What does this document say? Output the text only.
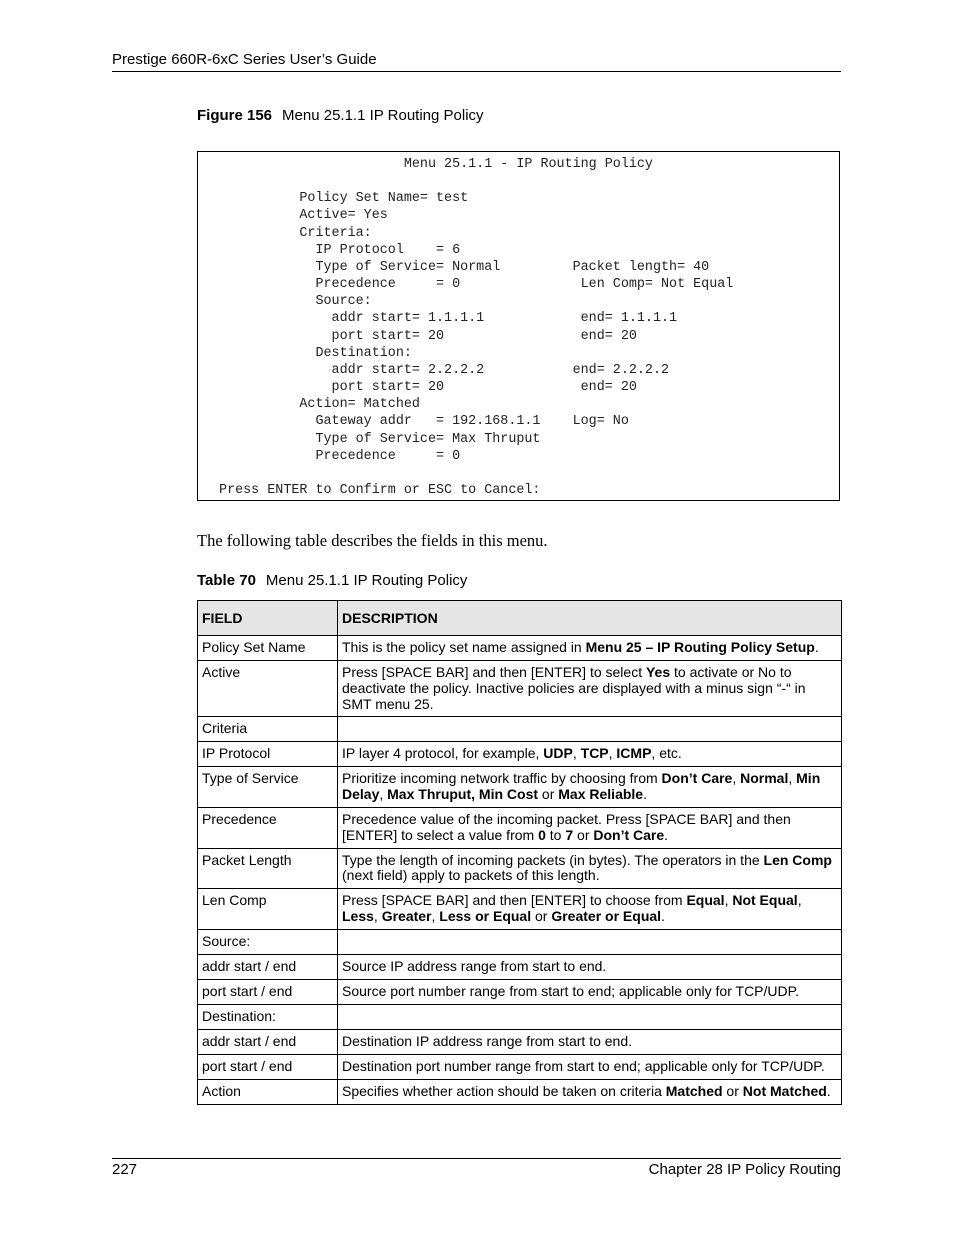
Prestige 660R-6xC Series User’s Guide
Figure 156 Menu 25.1.1 IP Routing Policy
Menu 25.1.1 - IP Routing Policy

Policy Set Name= test
Active= Yes
Criteria:
IP Protocol    = 6
Type of Service= Normal         Packet length= 40
Precedence     = 0               Len Comp= Not Equal
Source:
addr start= 1.1.1.1            end= 1.1.1.1
port start= 20                 end= 20
Destination:
addr start= 2.2.2.2           end= 2.2.2.2
port start= 20                 end= 20
Action= Matched
Gateway addr   = 192.168.1.1    Log= No
Type of Service= Max Thruput
Precedence     = 0

Press ENTER to Confirm or ESC to Cancel:
The following table describes the fields in this menu.
Table 70 Menu 25.1.1 IP Routing Policy
FIELD	DESCRIPTION
Policy Set Name	This is the policy set name assigned in Menu 25 – IP Routing Policy Setup.
Active	Press [SPACE BAR] and then [ENTER] to select Yes to activate or No to deactivate the policy. Inactive policies are displayed with a minus sign “-“ in SMT menu 25.
Criteria	
IP Protocol	IP layer 4 protocol, for example, UDP, TCP, ICMP, etc.
Type of Service	Prioritize incoming network traffic by choosing from Don’t Care, Normal, Min Delay, Max Thruput, Min Cost or Max Reliable.
Precedence	Precedence value of the incoming packet. Press [SPACE BAR] and then [ENTER] to select a value from 0 to 7 or Don’t Care.
Packet Length	Type the length of incoming packets (in bytes). The operators in the Len Comp (next field) apply to packets of this length.
Len Comp	Press [SPACE BAR] and then [ENTER] to choose from Equal, Not Equal, Less, Greater, Less or Equal or Greater or Equal.
Source:	
addr start / end	Source IP address range from start to end.
port start / end	Source port number range from start to end; applicable only for TCP/UDP.
Destination:	
addr start / end	Destination IP address range from start to end.
port start / end	Destination port number range from start to end; applicable only for TCP/UDP.
Action	Specifies whether action should be taken on criteria Matched or Not Matched.
227	Chapter 28 IP Policy Routing
